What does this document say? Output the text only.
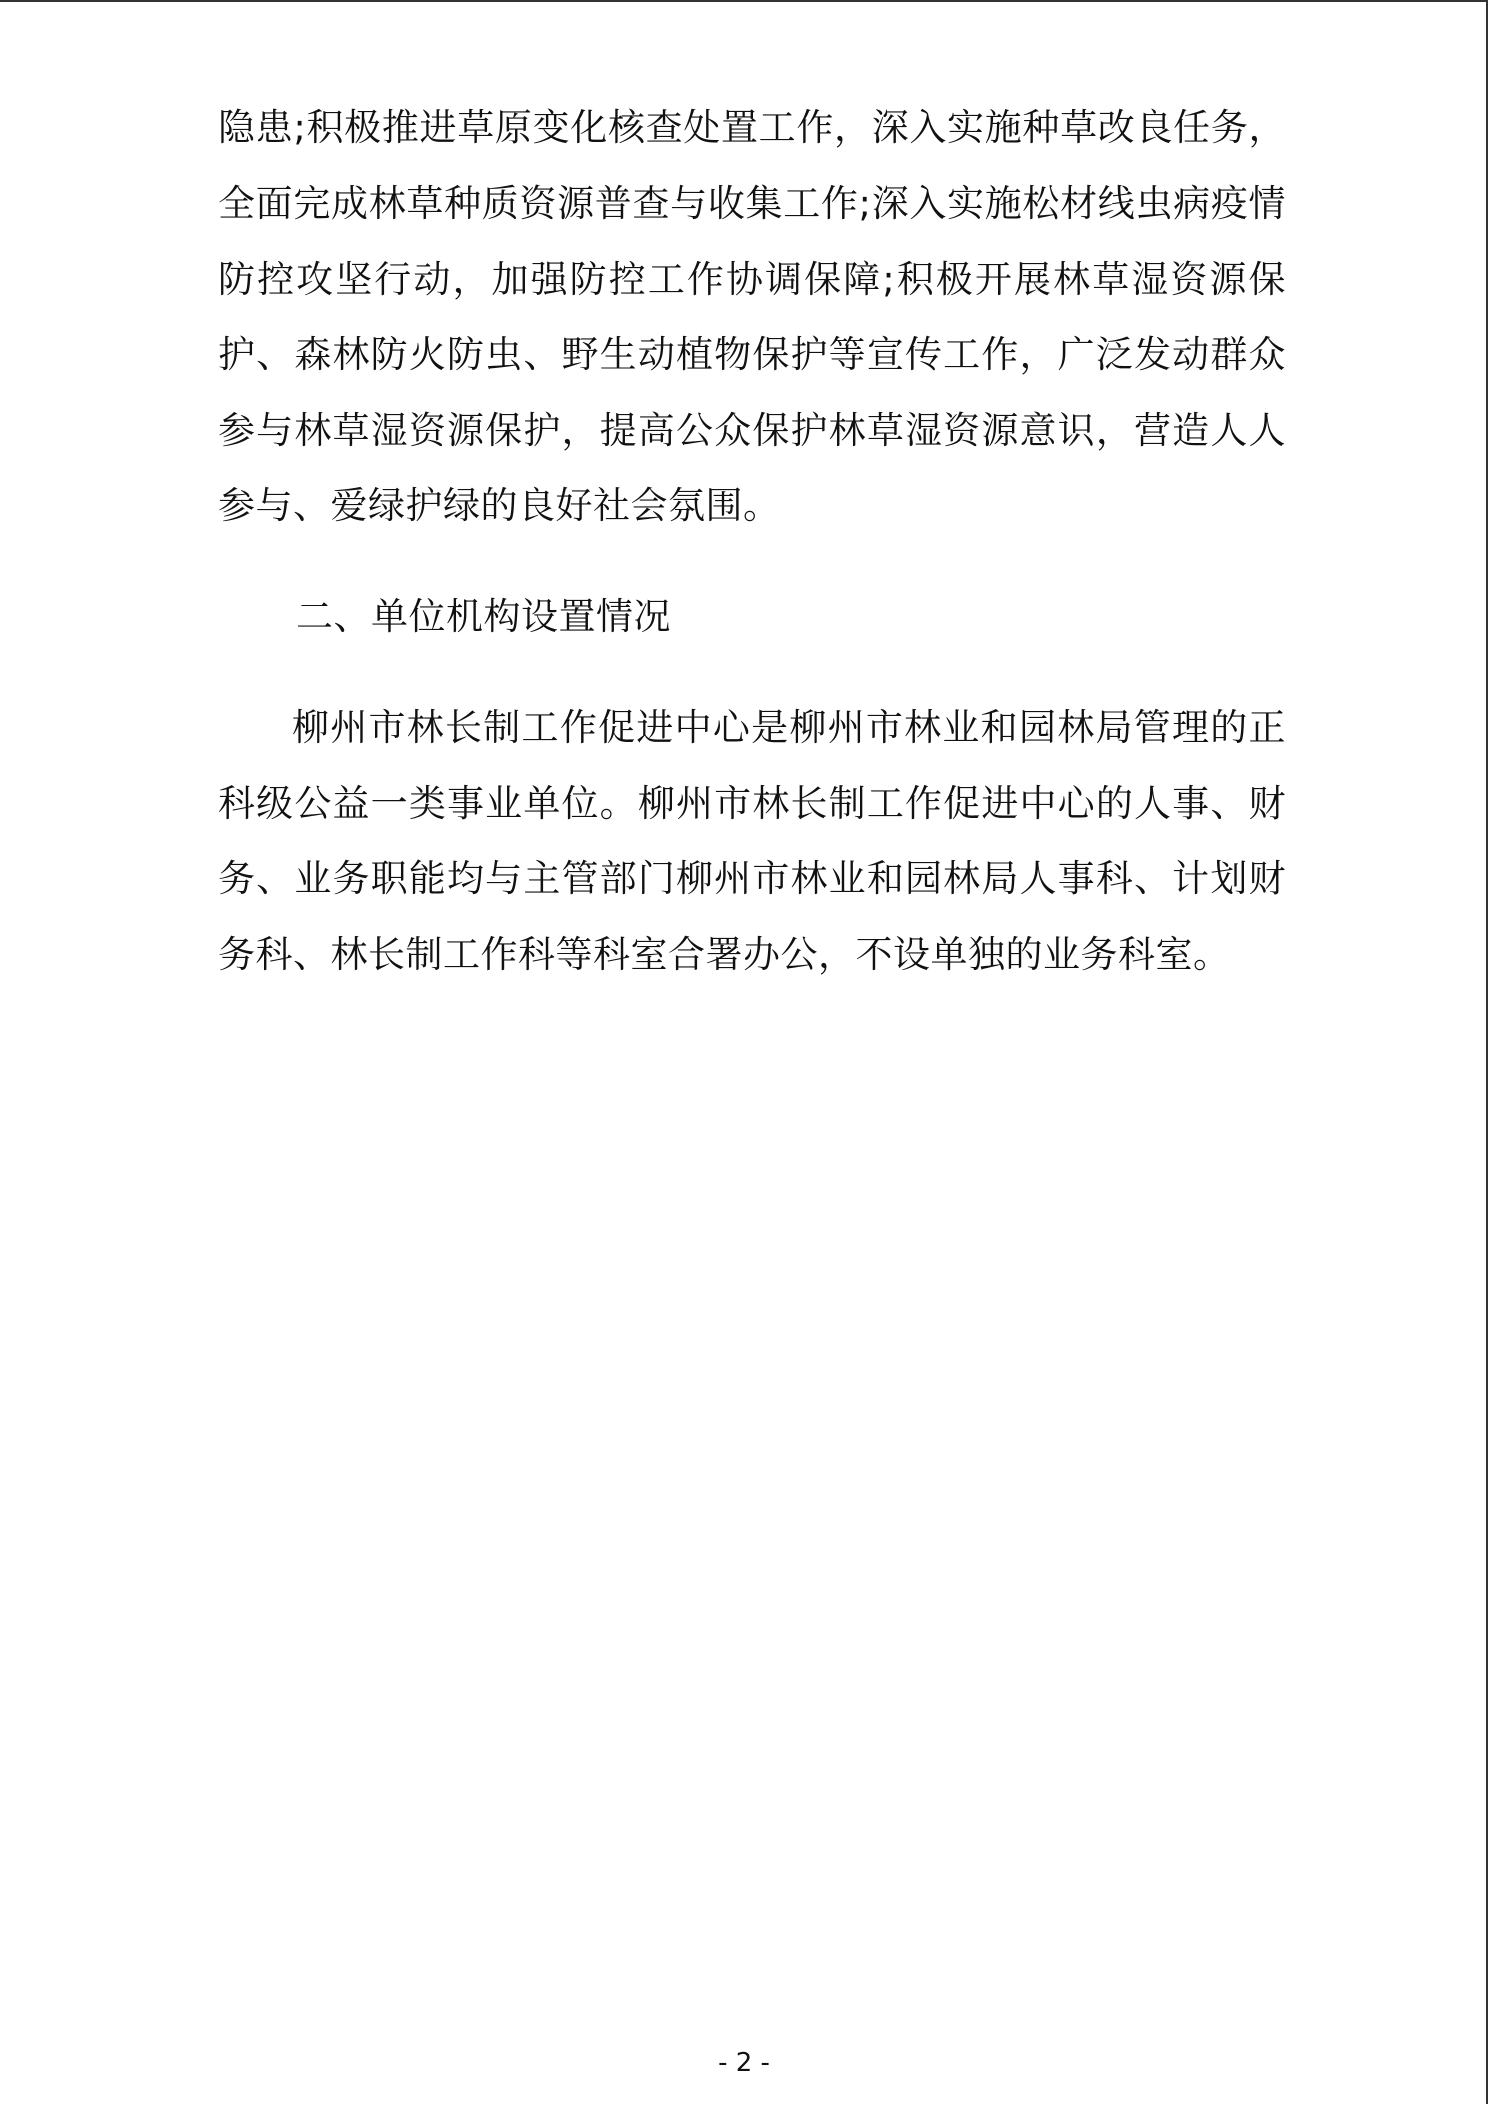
隐患;积极推进草原变化核查处置工作，深入实施种草改良任务，
全面完成林草种质资源普查与收集工作;深入实施松材线虫病疫情
防控攻坚行动，加强防控工作协调保障;积极开展林草湿资源保
护、森林防火防虫、野生动植物保护等宣传工作，广泛发动群众
参与林草湿资源保护，提高公众保护林草湿资源意识，营造人人
参与、爱绿护绿的良好社会氛围。
二、单位机构设置情况
柳州市林长制工作促进中心是柳州市林业和园林局管理的正
科级公益一类事业单位。柳州市林长制工作促进中心的人事、财
务、业务职能均与主管部门柳州市林业和园林局人事科、计划财
务科、林长制工作科等科室合署办公，不设单独的业务科室。
- 2 -
